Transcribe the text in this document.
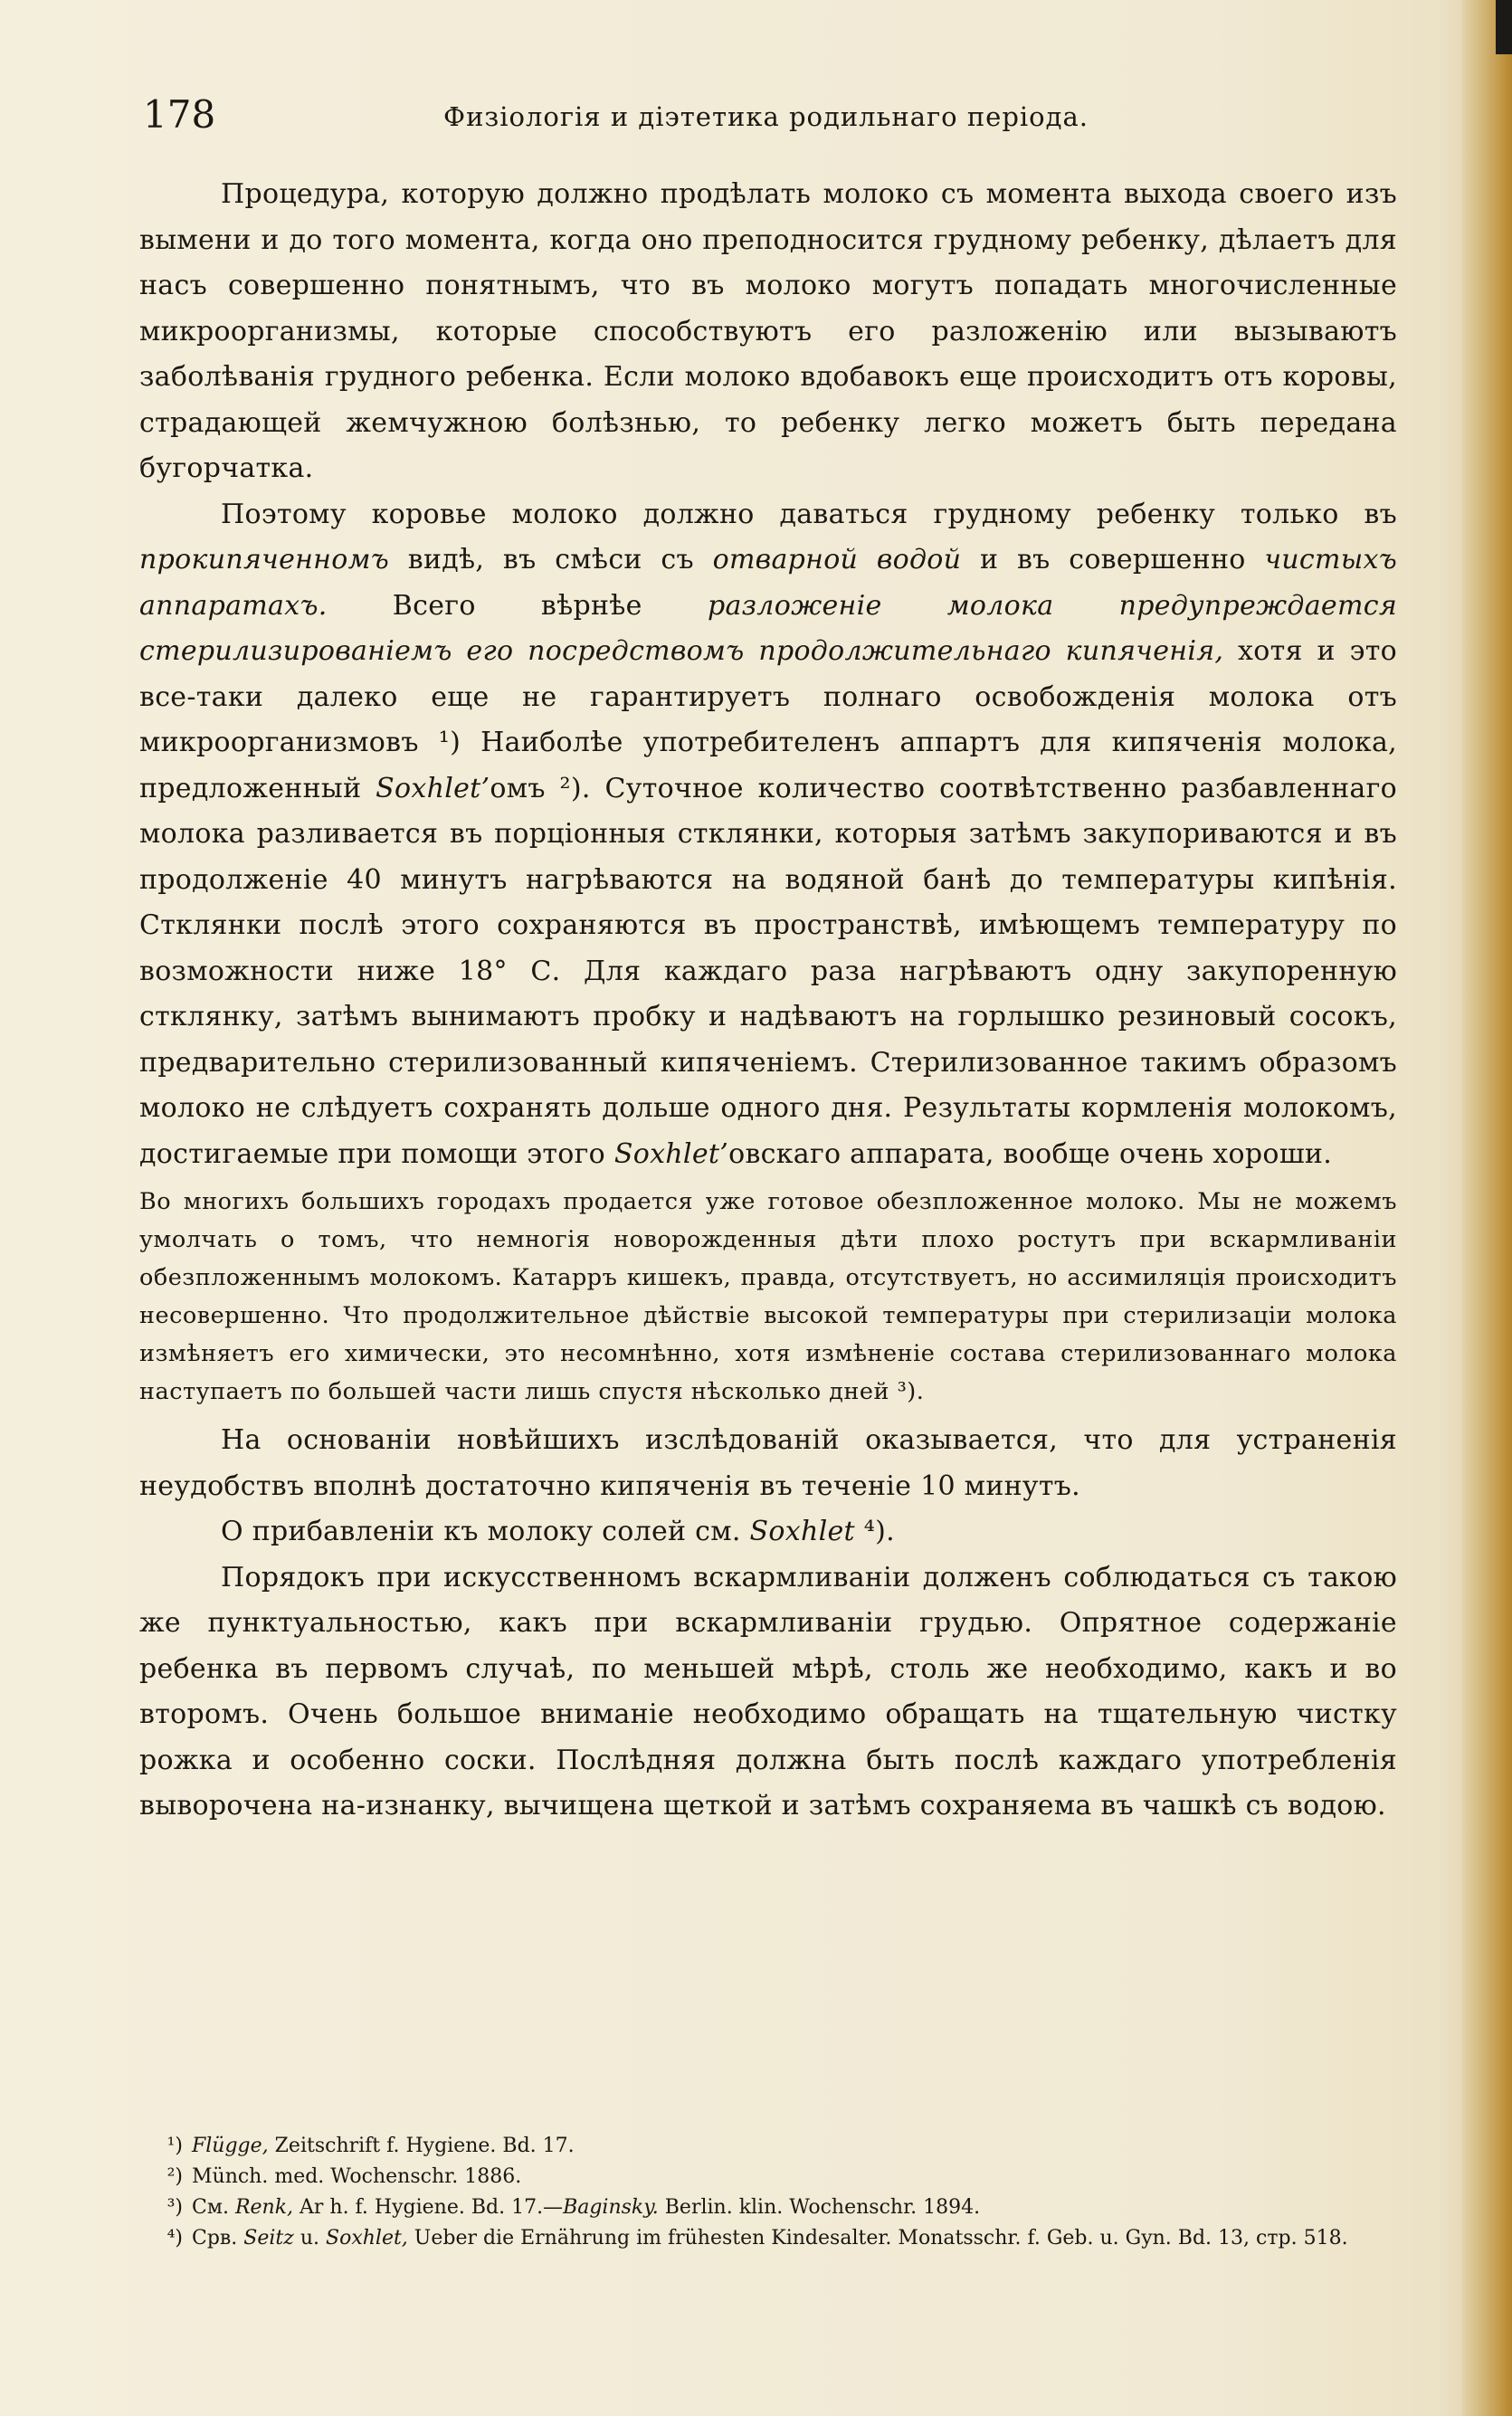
178	Физіологія и діэтетика родильнаго періода.

Процедура, которую должно продѣлать молоко съ момента выхода своего изъ вымени и до того момента, когда оно преподносится грудному ребенку, дѣлаетъ для насъ совершенно понятнымъ, что въ молоко могутъ попадать многочисленные микроорганизмы, которые способствуютъ его разложенію или вызываютъ заболѣванія грудного ребенка. Если молоко вдобавокъ еще происходитъ отъ коровы, страдающей жемчужною болѣзнью, то ребенку легко можетъ быть передана бугорчатка.

Поэтому коровье молоко должно даваться грудному ребенку только въ прокипяченномъ видѣ, въ смѣси съ отварной водой и въ совершенно чистыхъ аппаратахъ. Всего вѣрнѣе разложеніе молока предупреждается стерилизированіемъ его посредствомъ продолжительнаго кипяченія, хотя и это все-таки далеко еще не гарантируетъ полнаго освобожденія молока отъ микроорганизмовъ ¹) Наиболѣе употребителенъ аппартъ для кипяченія молока, предложенный Soxhlet’омъ ²). Суточное количество соотвѣтственно разбавленнаго молока разливается въ порціонныя стклянки, которыя затѣмъ закупориваются и въ продолженіе 40 минутъ нагрѣваются на водяной банѣ до температуры кипѣнія. Стклянки послѣ этого сохраняются въ пространствѣ, имѣющемъ температуру по возможности ниже 18° С. Для каждаго раза нагрѣваютъ одну закупоренную стклянку, затѣмъ вынимаютъ пробку и надѣваютъ на горлышко резиновый сосокъ, предварительно стерилизованный кипяченіемъ. Стерилизованное такимъ образомъ молоко не слѣдуетъ сохранять дольше одного дня. Результаты кормленія молокомъ, достигаемые при помощи этого Soxhlet’овскаго аппарата, вообще очень хороши.

Во многихъ большихъ городахъ продается уже готовое обезпложенное молоко. Мы не можемъ умолчать о томъ, что немногія новорожденныя дѣти плохо ростутъ при вскармливаніи обезпложеннымъ молокомъ. Катарръ кишекъ, правда, отсутствуетъ, но ассимиляція происходитъ несовершенно. Что продолжительное дѣйствіе высокой температуры при стерилизаціи молока измѣняетъ его химически, это несомнѣнно, хотя измѣненіе состава стерилизованнаго молока наступаетъ по большей части лишь спустя нѣсколько дней ³).

На основаніи новѣйшихъ изслѣдованій оказывается, что для устраненія неудобствъ вполнѣ достаточно кипяченія въ теченіе 10 минутъ.

О прибавленіи къ молоку солей см. Soxhlet ⁴).

Порядокъ при искусственномъ вскармливаніи долженъ соблюдаться съ такою же пунктуальностью, какъ при вскармливаніи грудью. Опрятное содержаніе ребенка въ первомъ случаѣ, по меньшей мѣрѣ, столь же необходимо, какъ и во второмъ. Очень большое вниманіе необходимо обращать на тщательную чистку рожка и особенно соски. Послѣдняя должна быть послѣ каждаго употребленія выворочена на-изнанку, вычищена щеткой и затѣмъ сохраняема въ чашкѣ съ водою.

¹) Flügge, Zeitschrift f. Hygiene. Bd. 17.

²) Münch. med. Wochenschr. 1886.

³) См. Renk, Ar h. f. Hygiene. Bd. 17.—Baginsky. Berlin. klin. Wochenschr. 1894.

⁴) Срв. Seitz u. Soxhlet, Ueber die Ernährung im frühesten Kindesalter. Monatsschr. f. Geb. u. Gyn. Bd. 13, стр. 518.
